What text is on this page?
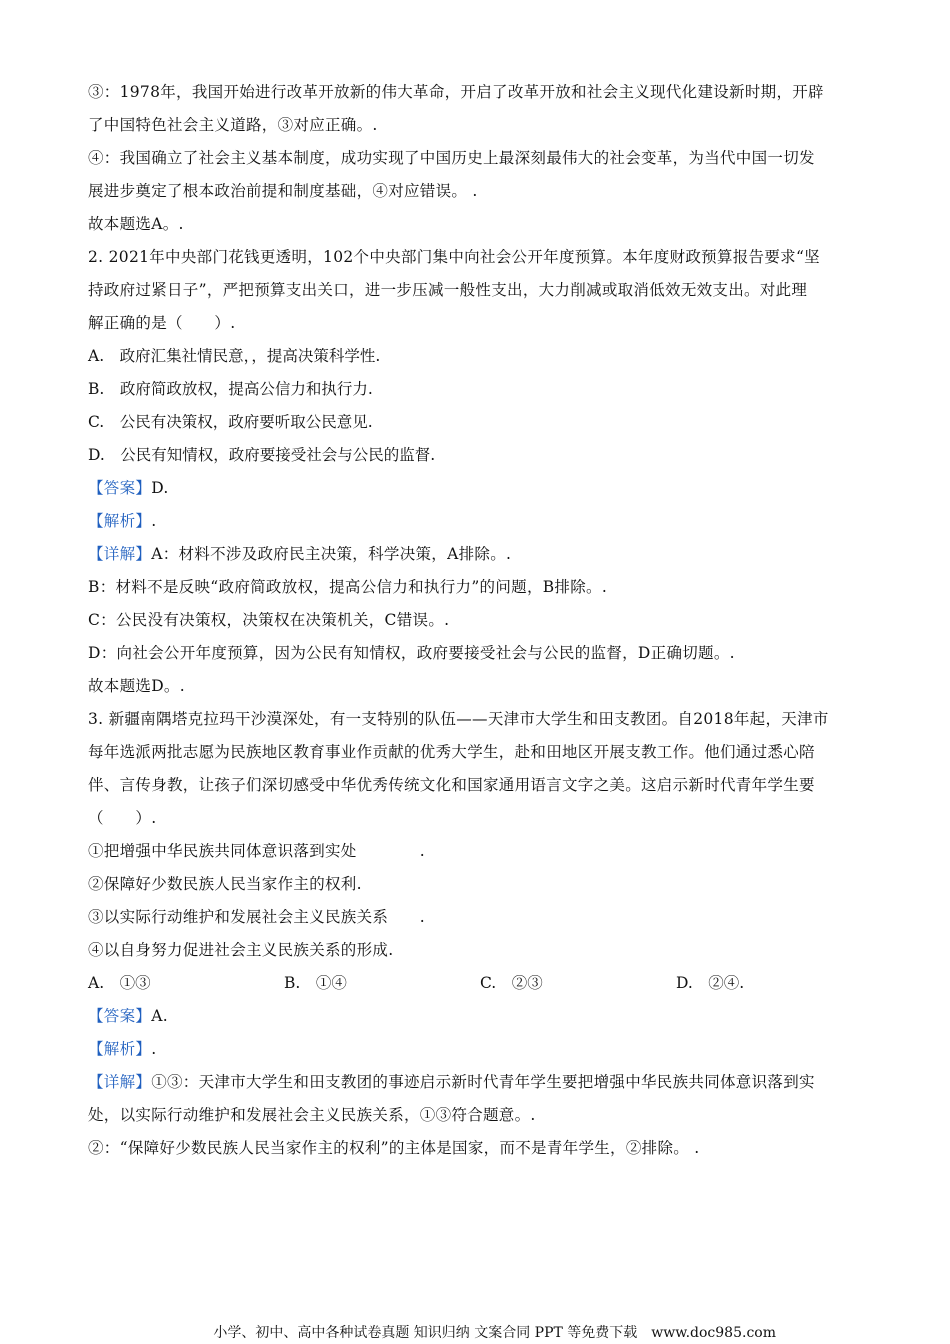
③：1978年，我国开始进行改革开放新的伟大革命，开启了改革开放和社会主义现代化建设新时期，开辟
了中国特色社会主义道路，③对应正确。.
④：我国确立了社会主义基本制度，成功实现了中国历史上最深刻最伟大的社会变革，为当代中国一切发
展进步奠定了根本政治前提和制度基础，④对应错误。 .
故本题选A。.
2. 2021年中央部门花钱更透明，102个中央部门集中向社会公开年度预算。本年度财政预算报告要求“坚
持政府过紧日子”，严把预算支出关口，进一步压减一般性支出，大力削减或取消低效无效支出。对此理
解正确的是（　　）.
A.　政府汇集社情民意，，提高决策科学性.
B.　政府简政放权，提高公信力和执行力.
C.　公民有决策权，政府要听取公民意见.
D.　公民有知情权，政府要接受社会与公民的监督.
【答案】D.
【解析】.
【详解】A：材料不涉及政府民主决策，科学决策，A排除。.
B：材料不是反映“政府简政放权，提高公信力和执行力”的问题，B排除。.
C：公民没有决策权，决策权在决策机关，C错误。.
D：向社会公开年度预算，因为公民有知情权，政府要接受社会与公民的监督，D正确切题。.
故本题选D。.
3. 新疆南隅塔克拉玛干沙漠深处，有一支特别的队伍——天津市大学生和田支教团。自2018年起，天津市
每年选派两批志愿为民族地区教育事业作贡献的优秀大学生，赴和田地区开展支教工作。他们通过悉心陪
伴、言传身教，让孩子们深切感受中华优秀传统文化和国家通用语言文字之美。这启示新时代青年学生要
（　　）.
①把增强中华民族共同体意识落到实处　　　　.
②保障好少数民族人民当家作主的权利.
③以实际行动维护和发展社会主义民族关系　　.
④以自身努力促进社会主义民族关系的形成.
A.　①③	B.　①④	C.　②③	D.　②④.
【答案】A.
【解析】.
【详解】①③：天津市大学生和田支教团的事迹启示新时代青年学生要把增强中华民族共同体意识落到实
处，以实际行动维护和发展社会主义民族关系，①③符合题意。.
②：“保障好少数民族人民当家作主的权利”的主体是国家，而不是青年学生，②排除。 .
小学、初中、高中各种试卷真题 知识归纳 文案合同 PPT 等免费下载　www.doc985.com
